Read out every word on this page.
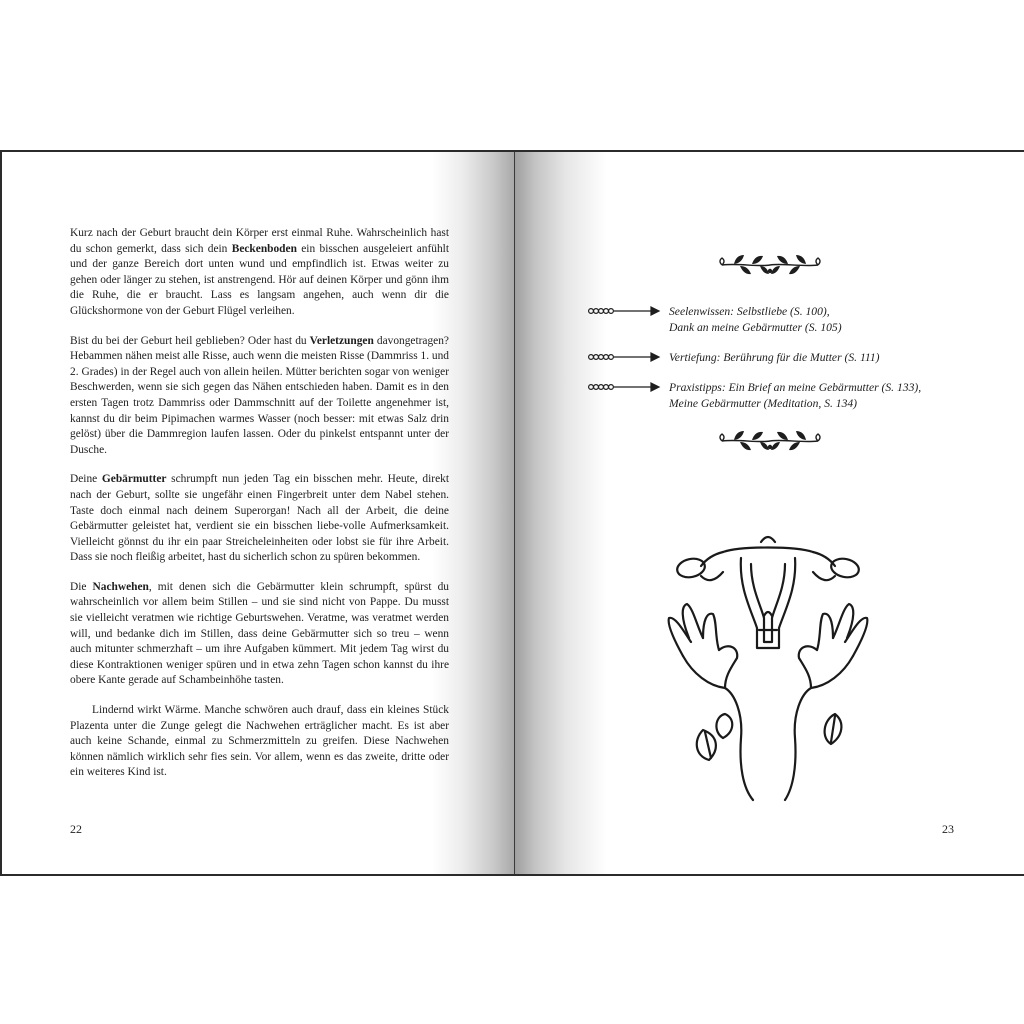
Kurz nach der Geburt braucht dein Körper erst einmal Ruhe. Wahrscheinlich hast du schon gemerkt, dass sich dein Beckenboden ein bisschen ausgeleiert anfühlt und der ganze Bereich dort unten wund und empfindlich ist. Etwas weiter zu gehen oder länger zu stehen, ist anstrengend. Hör auf deinen Körper und gönn ihm die Ruhe, die er braucht. Lass es langsam angehen, auch wenn dir die Glückshormone von der Geburt Flügel verleihen.

Bist du bei der Geburt heil geblieben? Oder hast du Verletzungen davongetragen? Hebammen nähen meist alle Risse, auch wenn die meisten Risse (Dammriss 1. und 2. Grades) in der Regel auch von allein heilen. Mütter berichten sogar von weniger Beschwerden, wenn sie sich gegen das Nähen entschieden haben. Damit es in den ersten Tagen trotz Dammriss oder Dammschnitt auf der Toilette angenehmer ist, kannst du dir beim Pipimachen warmes Wasser (noch besser: mit etwas Salz drin gelöst) über die Dammregion laufen lassen. Oder du pinkelst entspannt unter der Dusche.

Deine Gebärmutter schrumpft nun jeden Tag ein bisschen mehr. Heute, direkt nach der Geburt, sollte sie ungefähr einen Fingerbreit unter dem Nabel stehen. Taste doch einmal nach deinem Superorgan! Nach all der Arbeit, die deine Gebärmutter geleistet hat, verdient sie ein bisschen liebe-volle Aufmerksamkeit. Vielleicht gönnst du ihr ein paar Streicheleinheiten oder lobst sie für ihre Arbeit. Dass sie noch fleißig arbeitet, hast du sicherlich schon zu spüren bekommen.

Die Nachwehen, mit denen sich die Gebärmutter klein schrumpft, spürst du wahrscheinlich vor allem beim Stillen – und sie sind nicht von Pappe. Du musst sie vielleicht veratmen wie richtige Geburtswehen. Veratme, was veratmet werden will, und bedanke dich im Stillen, dass deine Gebärmutter sich so treu – wenn auch mitunter schmerzhaft – um ihre Aufgaben kümmert. Mit jedem Tag wirst du diese Kontraktionen weniger spüren und in etwa zehn Tagen schon kannst du ihre obere Kante gerade auf Schambeinhöhe tasten.

Lindernd wirkt Wärme. Manche schwören auch drauf, dass ein kleines Stück Plazenta unter die Zunge gelegt die Nachwehen erträglicher macht. Es ist aber auch keine Schande, einmal zu Schmerzmitteln zu greifen. Diese Nachwehen können nämlich wirklich sehr fies sein. Vor allem, wenn es das zweite, dritte oder ein weiteres Kind ist.

22
Seelenwissen: Selbstliebe (S. 100),
Dank an meine Gebärmutter (S. 105)
Vertiefung: Berührung für die Mutter (S. 111)
Praxistipps: Ein Brief an meine Gebärmutter (S. 133),
Meine Gebärmutter (Meditation, S. 134)
23
